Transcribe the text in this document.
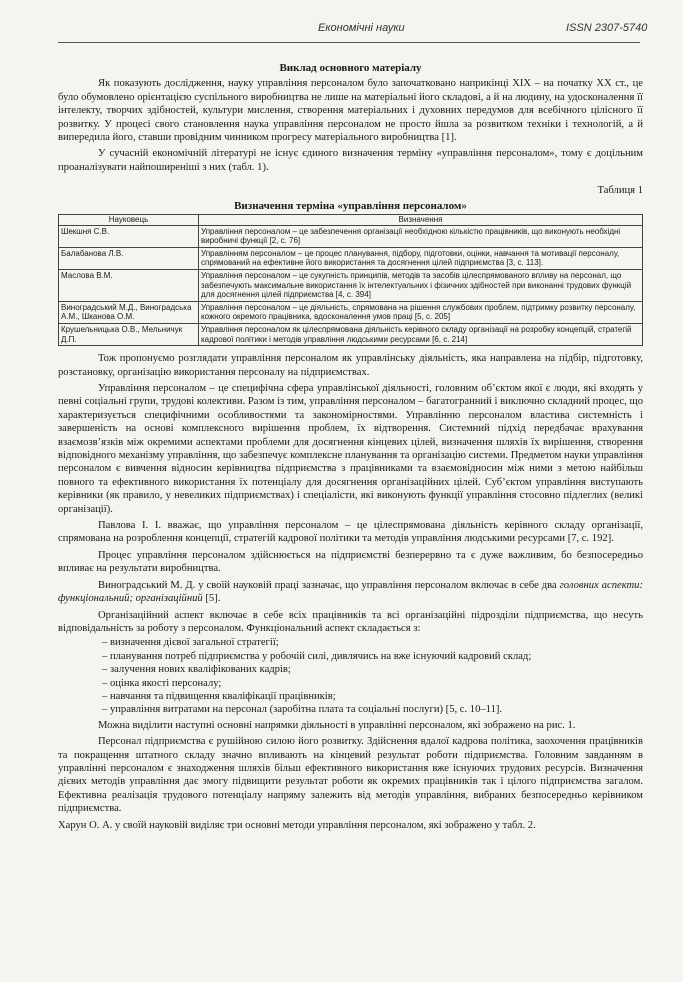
Економічні науки	ISSN 2307-5740
Виклад основного матеріалу

Як показують дослідження, науку управління персоналом було започатковано наприкінці XIX – на початку XX ст., це було обумовлено орієнтацією суспільного виробництва не лише на матеріальні його складові, а й на людину, на удосконалення її інтелекту, творчих здібностей, культури мислення, створення матеріальних і духовних передумов для всебічного цілісного її розвитку. У процесі свого становлення наука управління персоналом не просто йшла за розвитком техніки і технологій, а й випередила його, ставши провідним чинником прогресу матеріального виробництва [1].

У сучасній економічній літературі не існує єдиного визначення терміну «управління персоналом», тому є доцільним проаналізувати найпоширеніші з них (табл. 1).

Таблиця 1
Визначення терміна «управління персоналом»
Науковець	Визначення
Шекшня С.В.	Управління персоналом – це забезпечення організації необхідною кількістю працівників, що виконують необхідні виробничі функції [2, с. 76]
Балабанова Л.В.	Управлінням персоналом – це процес планування, підбору, підготовки, оцінки, навчання та мотивації персоналу, спрямований на ефективне його використання та досягнення цілей підприємства [3, с. 113].
Маслова В.М.	Управління персоналом – це сукупність принципів, методів та засобів цілеспрямованого впливу на персонал, що забезпечують максимальне використання їх інтелектуальних і фізичних здібностей при виконанні трудових функцій для досягнення цілей підприємства [4, с. 394]
Виноградський М.Д., Виноградська А.М., Шканова О.М.	Управління персоналом – це діяльність, спрямована на рішення службових проблем, підтримку розвитку персоналу, кожного окремого працівника, вдосконалення умов праці [5, с. 205]
Крушельницька О.В., Мельничук Д.П.	Управління персоналом як цілеспрямована діяльність керівного складу організації на розробку концепцій, стратегій кадрової політики і методів управління людськими ресурсами [6, с. 214]

Тож пропонуємо розглядати управління персоналом як управлінську діяльність, яка направлена на підбір, підготовку, розстановку, організацію використання персоналу на підприємствах.

Управління персоналом – це специфічна сфера управлінської діяльності, головним об’єктом якої є люди, які входять у певні соціальні групи, трудові колективи. Разом із тим, управління персоналом – багатогранний і виключно складний процес, що характеризується специфічними особливостями та закономірностями. Управлінню персоналом властива системність і завершеність на основі комплексного вирішення проблем, їх відтворення. Системний підхід передбачає врахування взаємозв’язків між окремими аспектами проблеми для досягнення кінцевих цілей, визначення шляхів їх вирішення, створення відповідного механізму управління, що забезпечує комплексне планування та організацію системи. Предметом науки управління персоналом є вивчення відносин керівництва підприємства з працівниками та взаємовідносин між ними з метою найбільш повного та ефективного використання їх потенціалу для досягнення організаційних цілей. Суб’єктом управління виступають керівники (як правило, у невеликих підприємствах) і спеціалісти, які виконують функції управління стосовно підлеглих (великі організації).

Павлова І. І. вважає, що управління персоналом – це цілеспрямована діяльність керівного складу організації, спрямована на розроблення концепції, стратегій кадрової політики та методів управління людськими ресурсами [7, с. 192].

Процес управління персоналом здійснюється на підприємстві безперервно та є дуже важливим, бо безпосередньо впливає на результати виробництва.

Виноградський М. Д. у своїй науковій праці зазначає, що управління персоналом включає в себе два головних аспекти: функціональний; організаційний [5].

Організаційний аспект включає в себе всіх працівників та всі організаційні підрозділи підприємства, що несуть відповідальність за роботу з персоналом. Функціональний аспект складається з:

– визначення дієвої загальної стратегії;
– планування потреб підприємства у робочій силі, дивлячись на вже існуючий кадровий склад;
– залучення нових кваліфікованих кадрів;
– оцінка якості персоналу;
– навчання та підвищення кваліфікації працівників;
– управління витратами на персонал (заробітна плата та соціальні послуги) [5, с. 10–11].

Можна виділити наступні основні напрямки діяльності в управлінні персоналом, які зображено на рис. 1.

Персонал підприємства є рушійною силою його розвитку. Здійснення вдалої кадрова політика, заохочення працівників та покращення штатного складу значно впливають на кінцевий результат роботи підприємства. Головним завданням в управлінні персоналом є знаходження шляхів більш ефективного використання вже існуючих трудових ресурсів. Визначення дієвих методів управління дає змогу підвищити результат роботи як окремих працівників так і цілого підприємства загалом. Ефективна реалізація трудового потенціалу напряму залежить від методів управління, вибраних безпосередньо керівником підприємства.

Харун О. А. у своїй науковій виділяє три основні методи управління персоналом, які зображено у табл. 2.
